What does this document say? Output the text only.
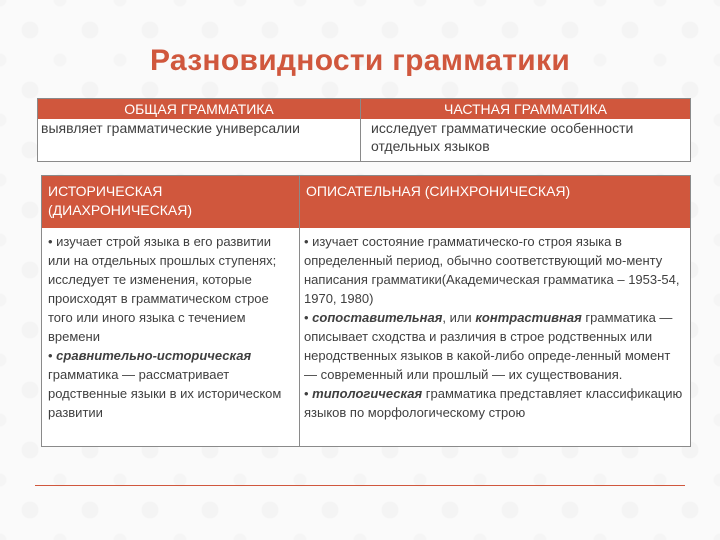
Разновидности грамматики
ОБЩАЯ ГРАММАТИКА
выявляет грамматические универсалии
ЧАСТНАЯ ГРАММАТИКА
исследует грамматические особенности отдельных языков
ИСТОРИЧЕСКАЯ (ДИАХРОНИЧЕСКАЯ)
• изучает строй языка в его развитии или на отдельных прошлых ступенях; исследует те изменения, которые происходят в грамматическом строе того или иного языка с течением времени
• сравнительно-историческая грамматика — рассматривает родственные языки в их историческом развитии
ОПИСАТЕЛЬНАЯ (СИНХРОНИЧЕСКАЯ)
• изучает состояние грамматическо-го строя языка в определенный период, обычно соответствующий мо-менту написания грамматики(Академическая грамматика – 1953-54, 1970, 1980)
• сопоставительная, или контрастивная грамматика — описывает сходства и различия в строе родственных или неродственных языков в какой-либо опреде-ленный момент — современный или прошлый — их существования.
• типологическая грамматика представляет классификацию языков по морфологическому строю
